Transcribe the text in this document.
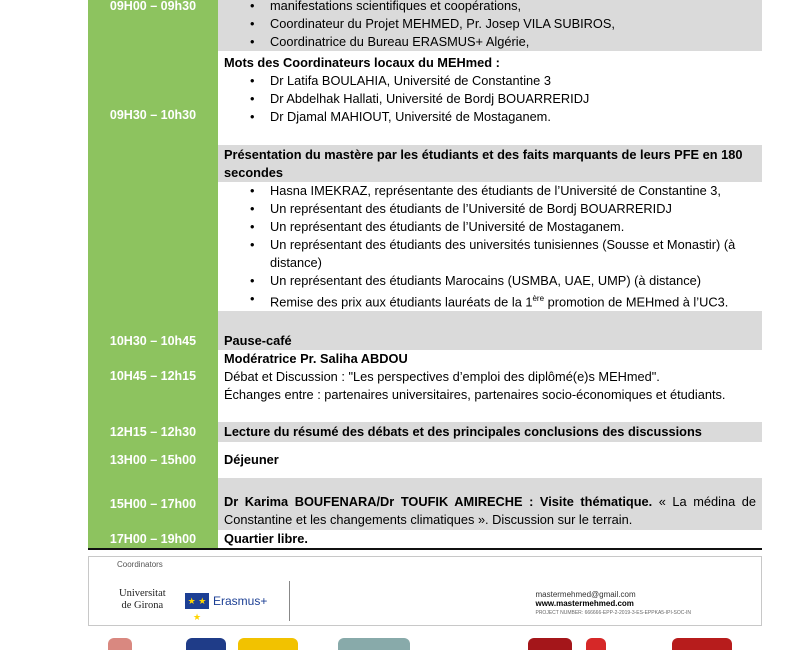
09H00 – 09h30
•	manifestations scientifiques et coopérations,
• Coordinateur du Projet MEHMED, Pr. Josep VILA SUBIROS,
• Coordinatrice du Bureau ERASMUS+ Algérie,
09H30 – 10h30
Mots des Coordinateurs locaux du MEHmed :
• Dr Latifa BOULAHIA, Université de Constantine 3
• Dr Abdelhak Hallati, Université de Bordj BOUARRERIDJ
• Dr Djamal MAHIOUT, Université de Mostaganem.
Présentation du mastère par les étudiants et des faits marquants de leurs PFE en 180 secondes
• Hasna IMEKRAZ, représentante des étudiants de l’Université de Constantine 3,
• Un représentant des étudiants de l’Université de Bordj BOUARRERIDJ
• Un représentant des étudiants de l’Université de Mostaganem.
• Un représentant des étudiants des universités tunisiennes (Sousse et Monastir) (à distance)
• Un représentant des étudiants Marocains (USMBA, UAE, UMP) (à distance)
• Remise des prix aux étudiants lauréats de la 1ère promotion de MEHmed à l’UC3.
10H30 – 10h45	Pause-café
10H45 – 12h15
Modératrice Pr. Saliha ABDOU
Débat et Discussion : "Les perspectives d’emploi des diplômé(e)s MEHmed".
Échanges entre : partenaires universitaires, partenaires socio-économiques et étudiants.
12H15 – 12h30	Lecture du résumé des débats et des principales conclusions des discussions
13H00 – 15h00 Déjeuner
15H00 – 17h00	Dr Karima BOUFENARA/Dr TOUFIK AMIRECHE : Visite thématique. « La médina de Constantine et les changements climatiques ». Discussion sur le terrain.
17H00 – 19h00	Quartier libre.
Coordinators
Universitat
de Girona	★ ★ ★
Erasmus+	mastermehmed@gmail.com
www.mastermehmed.com
PROJECT NUMBER: 666666-EPP-2-2019-3-ES-EPPKA5-IPI-SOC-IN
